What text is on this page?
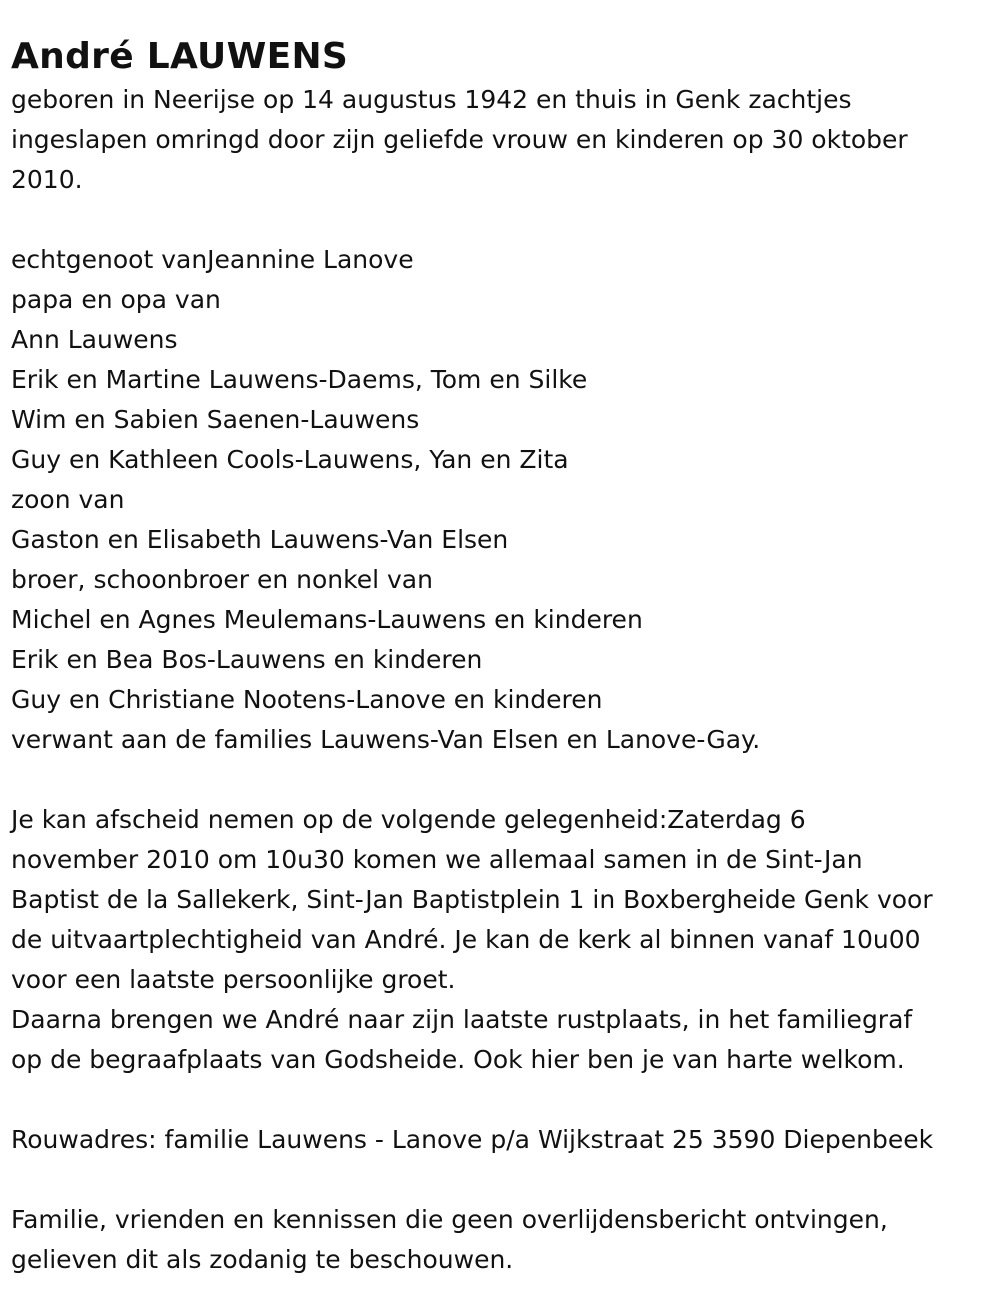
André LAUWENS
geboren in Neerijse op 14 augustus 1942 en thuis in Genk zachtjes
ingeslapen omringd door zijn geliefde vrouw en kinderen op 30 oktober
2010.
echtgenoot vanJeannine Lanove
papa en opa van
Ann Lauwens
Erik en Martine Lauwens-Daems, Tom en Silke
Wim en Sabien Saenen-Lauwens
Guy en Kathleen Cools-Lauwens, Yan en Zita
zoon van
Gaston en Elisabeth Lauwens-Van Elsen
broer, schoonbroer en nonkel van
Michel en Agnes Meulemans-Lauwens en kinderen
Erik en Bea Bos-Lauwens en kinderen
Guy en Christiane Nootens-Lanove en kinderen
verwant aan de families Lauwens-Van Elsen en Lanove-Gay.
Je kan afscheid nemen op de volgende gelegenheid:Zaterdag 6
november 2010 om 10u30 komen we allemaal samen in de Sint-Jan
Baptist de la Sallekerk, Sint-Jan Baptistplein 1 in Boxbergheide Genk voor
de uitvaartplechtigheid van André. Je kan de kerk al binnen vanaf 10u00
voor een laatste persoonlijke groet.
Daarna brengen we André naar zijn laatste rustplaats, in het familiegraf
op de begraafplaats van Godsheide. Ook hier ben je van harte welkom.
Rouwadres: familie Lauwens - Lanove p/a Wijkstraat 25 3590 Diepenbeek
Familie, vrienden en kennissen die geen overlijdensbericht ontvingen,
gelieven dit als zodanig te beschouwen.
